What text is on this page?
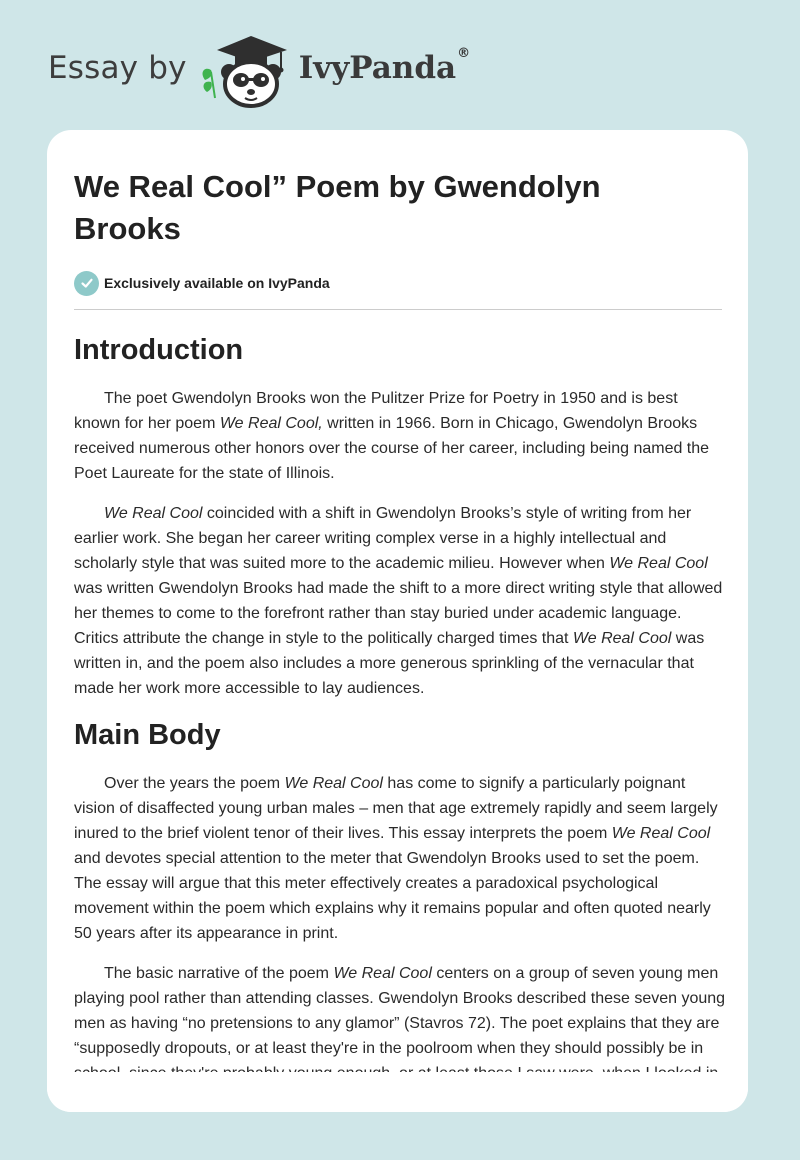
Essay by	IvyPanda®
We Real Cool” Poem by Gwendolyn Brooks
Exclusively available on IvyPanda
Introduction

The poet Gwendolyn Brooks won the Pulitzer Prize for Poetry in 1950 and is best known for her poem We Real Cool, written in 1966. Born in Chicago, Gwendolyn Brooks received numerous other honors over the course of her career, including being named the Poet Laureate for the state of Illinois.

We Real Cool coincided with a shift in Gwendolyn Brooks’s style of writing from her earlier work. She began her career writing complex verse in a highly intellectual and scholarly style that was suited more to the academic milieu. However when We Real Cool was written Gwendolyn Brooks had made the shift to a more direct writing style that allowed her themes to come to the forefront rather than stay buried under academic language. Critics attribute the change in style to the politically charged times that We Real Cool was written in, and the poem also includes a more generous sprinkling of the vernacular that made her work more accessible to lay audiences.

Main Body

Over the years the poem We Real Cool has come to signify a particularly poignant vision of disaffected young urban males – men that age extremely rapidly and seem largely inured to the brief violent tenor of their lives. This essay interprets the poem We Real Cool and devotes special attention to the meter that Gwendolyn Brooks used to set the poem. The essay will argue that this meter effectively creates a paradoxical psychological movement within the poem which explains why it remains popular and often quoted nearly 50 years after its appearance in print.

The basic narrative of the poem We Real Cool centers on a group of seven young men playing pool rather than attending classes. Gwendolyn Brooks described these seven young men as having “no pretensions to any glamor” (Stavros 72). The poet explains that they are “supposedly dropouts, or at least they're in the poolroom when they should possibly be in
